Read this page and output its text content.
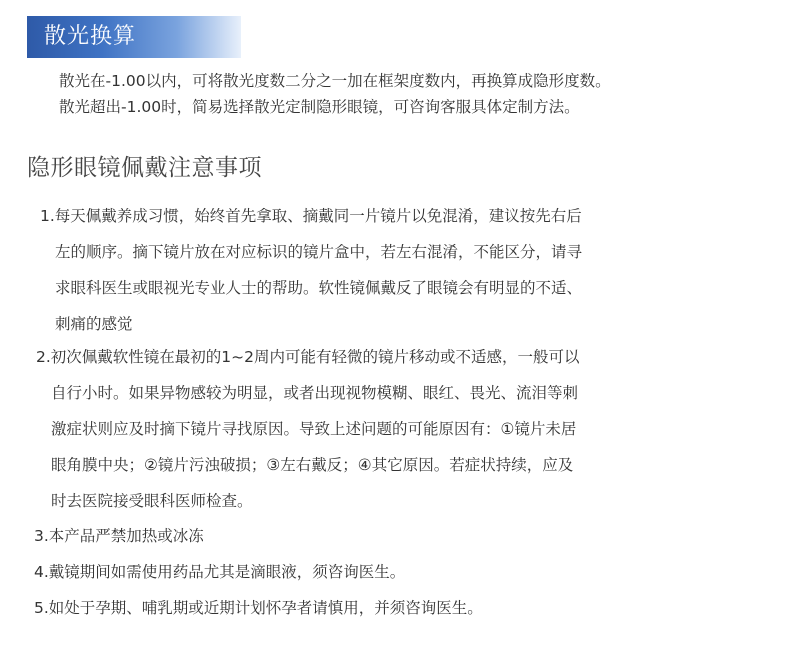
散光换算

散光在-1.00以内，可将散光度数二分之一加在框架度数内，再换算成隐形度数。

散光超出-1.00时，简易选择散光定制隐形眼镜，可咨询客服具体定制方法。

隐形眼镜佩戴注意事项

1.每天佩戴养成习惯，始终首先拿取、摘戴同一片镜片以免混淆，建议按先右后

左的顺序。摘下镜片放在对应标识的镜片盒中，若左右混淆，不能区分，请寻

求眼科医生或眼视光专业人士的帮助。软性镜佩戴反了眼镜会有明显的不适、

刺痛的感觉

2.初次佩戴软性镜在最初的1~2周内可能有轻微的镜片移动或不适感，一般可以

自行小时。如果异物感较为明显，或者出现视物模糊、眼红、畏光、流泪等刺

激症状则应及时摘下镜片寻找原因。导致上述问题的可能原因有：①镜片未居

眼角膜中央；②镜片污浊破损；③左右戴反；④其它原因。若症状持续，应及

时去医院接受眼科医师检查。

3.本产品严禁加热或冰冻

4.戴镜期间如需使用药品尤其是滴眼液，须咨询医生。

5.如处于孕期、哺乳期或近期计划怀孕者请慎用，并须咨询医生。
